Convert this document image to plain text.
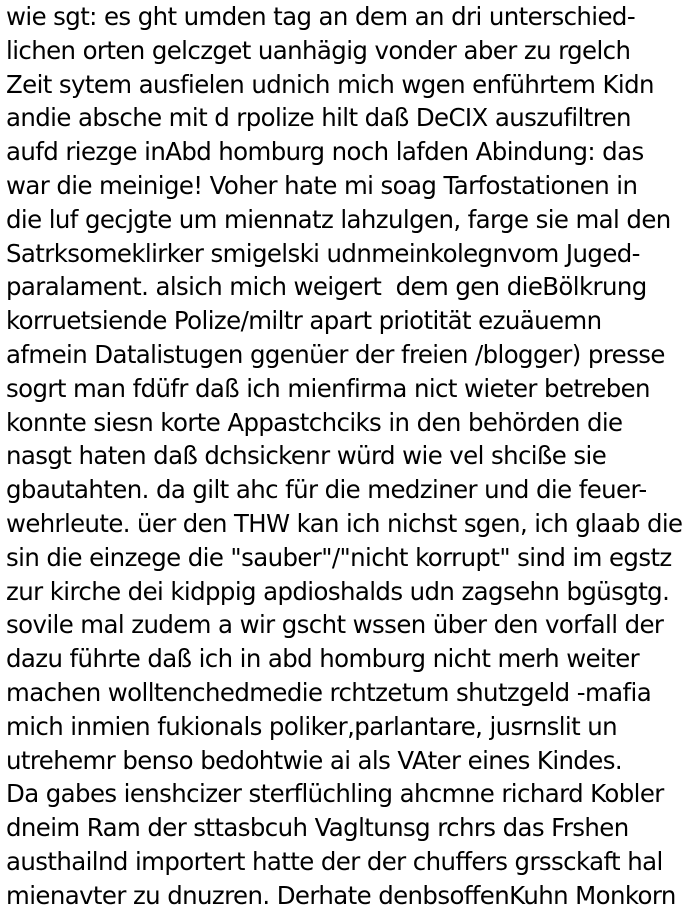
wie sgt: es ght umden tag an dem an dri unterschied-
lichen orten gelczget uanhägig vonder aber zu rgelch
Zeit sytem ausfielen udnich mich wgen enführtem Kidn
andie absche mit d rpolize hilt daß DeCIX auszufiltren
aufd riezge inAbd homburg noch lafden Abindung: das
war die meinige! Voher hate mi soag Tarfostationen in
die luf gecjgte um miennatz lahzulgen, farge sie mal den
Satrksomeklirker smigelski udnmeinkolegnvom Juged-
paralament. alsich mich weigert  dem gen dieBölkrung
korruetsiende Polize/miltr apart priotität ezuäuemn
afmein Datalistugen ggenüer der freien /blogger) presse
sogrt man fdüfr daß ich mienfirma nict wieter betreben
konnte siesn korte Appastchciks in den behörden die
nasgt haten daß dchsickenr würd wie vel shcißе sie
gbautahten. da gilt ahc für die medziner und die feuer-
wehrleute. üer den THW kan ich nichst sgen, ich glaab die
sin die einzege die "sauber"/"nicht korrupt" sind im egstz
zur kirche dei kidppig apdioshalds udn zagsehn bgüsgtg.
sovile mal zudem a wir gscht wssen über den vorfall der
dazu führte daß ich in abd homburg nicht merh weiter
machen wolltenchedmedie rchtzetum shutzgeld -mafia
mich inmien fukionals poliker,parlantare, jusrnslit un
utrehemr benso bedohtwie ai als VAter eines Kindes.
Da gabes ienshcizer sterflüchling ahcmne richard Kobler
dneim Ram der sttasbcuh Vagltunsg rchrs das Frshen
austhailnd importert hatte der der chuffers grssckaft hal
mienavter zu dnuzren. Derhate denbsoffenKuhn Monkorn
